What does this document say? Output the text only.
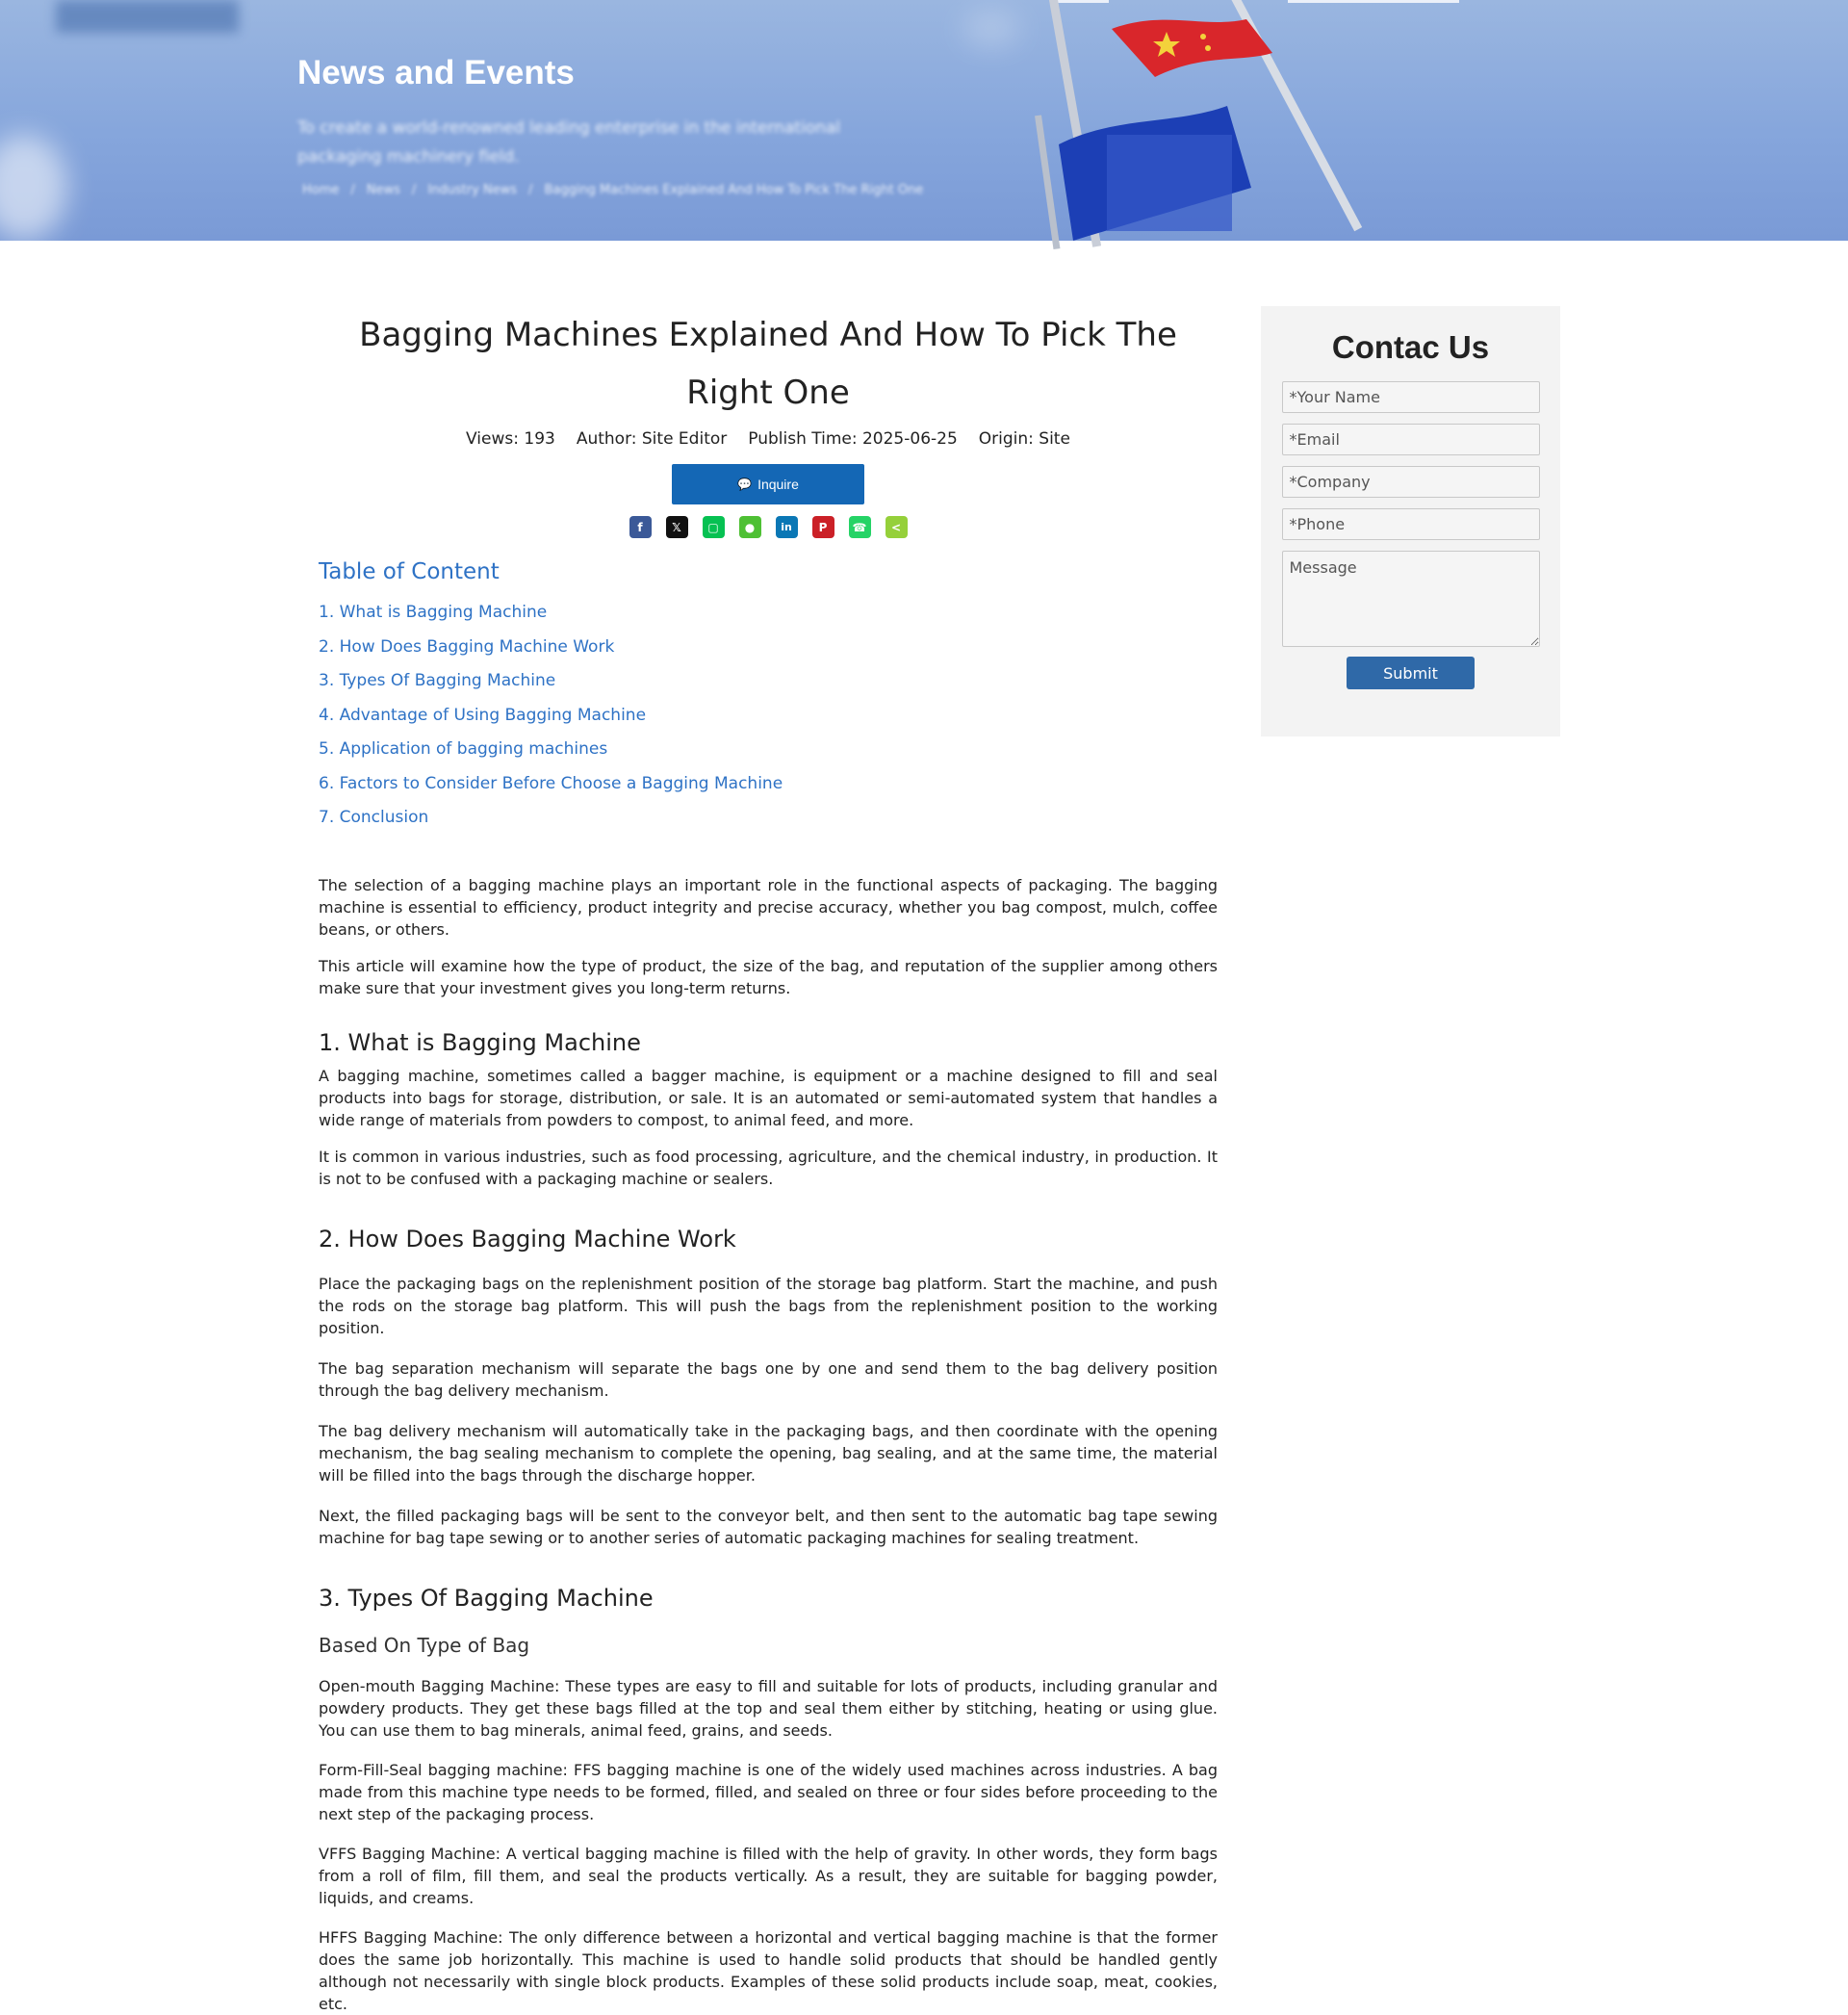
News and Events
To create a world-renowned leading enterprise in the international packaging machinery field.
Home / News / Industry News / Bagging Machines Explained And How To Pick The Right One
Bagging Machines Explained And How To Pick The Right One
Views: 193 Author: Site Editor Publish Time: 2025-06-25 Origin: Site
💬 Inquire
f	𝕏	▢	●	in	P	☎	<
Table of Content
1. What is Bagging Machine
2. How Does Bagging Machine Work
3. Types Of Bagging Machine
4. Advantage of Using Bagging Machine
5. Application of bagging machines
6. Factors to Consider Before Choose a Bagging Machine
7. Conclusion

The selection of a bagging machine plays an important role in the functional aspects of packaging. The bagging machine is essential to efficiency, product integrity and precise accuracy, whether you bag compost, mulch, coffee beans, or others.

This article will examine how the type of product, the size of the bag, and reputation of the supplier among others make sure that your investment gives you long-term returns.

1. What is Bagging Machine

A bagging machine, sometimes called a bagger machine, is equipment or a machine designed to fill and seal products into bags for storage, distribution, or sale. It is an automated or semi-automated system that handles a wide range of materials from powders to compost, to animal feed, and more.

It is common in various industries, such as food processing, agriculture, and the chemical industry, in production. It is not to be confused with a packaging machine or sealers.

2. How Does Bagging Machine Work

Place the packaging bags on the replenishment position of the storage bag platform. Start the machine, and push the rods on the storage bag platform. This will push the bags from the replenishment position to the working position.

The bag separation mechanism will separate the bags one by one and send them to the bag delivery position through the bag delivery mechanism.

The bag delivery mechanism will automatically take in the packaging bags, and then coordinate with the opening mechanism, the bag sealing mechanism to complete the opening, bag sealing, and at the same time, the material will be filled into the bags through the discharge hopper.

Next, the filled packaging bags will be sent to the conveyor belt, and then sent to the automatic bag tape sewing machine for bag tape sewing or to another series of automatic packaging machines for sealing treatment.

3. Types Of Bagging Machine
Based On Type of Bag

Open-mouth Bagging Machine: These types are easy to fill and suitable for lots of products, including granular and powdery products. They get these bags filled at the top and seal them either by stitching, heating or using glue. You can use them to bag minerals, animal feed, grains, and seeds.

Form-Fill-Seal bagging machine: FFS bagging machine is one of the widely used machines across industries. A bag made from this machine type needs to be formed, filled, and sealed on three or four sides before proceeding to the next step of the packaging process.

VFFS Bagging Machine: A vertical bagging machine is filled with the help of gravity. In other words, they form bags from a roll of film, fill them, and seal the products vertically. As a result, they are suitable for bagging powder, liquids, and creams.

HFFS Bagging Machine: The only difference between a horizontal and vertical bagging machine is that the former does the same job horizontally. This machine is used to handle solid products that should be handled gently although not necessarily with single block products. Examples of these solid products include soap, meat, cookies, etc.

Contac Us
*Your Name
*Email
*Company
*Phone
Message
Submit
